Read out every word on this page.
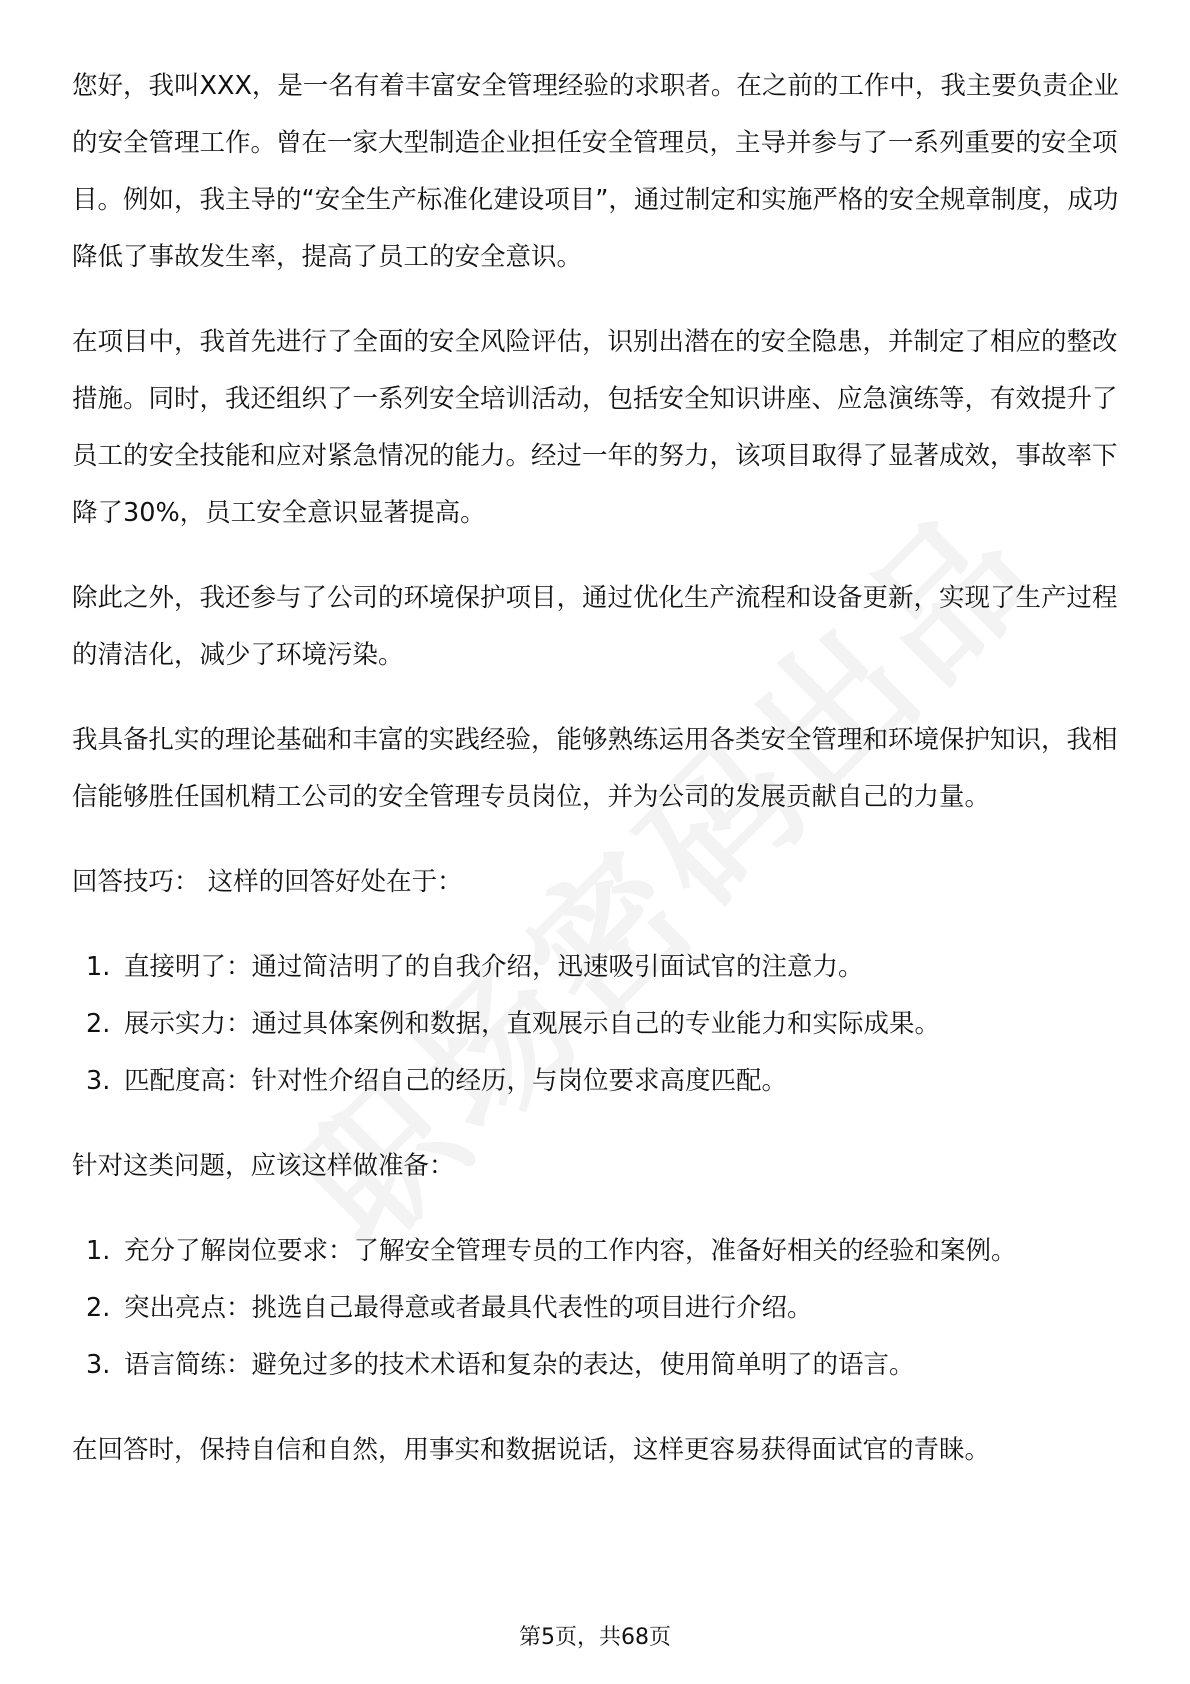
您好，我叫XXX，是一名有着丰富安全管理经验的求职者。在之前的工作中，我主要负责企业的安全管理工作。曾在一家大型制造企业担任安全管理员，主导并参与了一系列重要的安全项目。例如，我主导的“安全生产标准化建设项目”，通过制定和实施严格的安全规章制度，成功降低了事故发生率，提高了员工的安全意识。

在项目中，我首先进行了全面的安全风险评估，识别出潜在的安全隐患，并制定了相应的整改措施。同时，我还组织了一系列安全培训活动，包括安全知识讲座、应急演练等，有效提升了员工的安全技能和应对紧急情况的能力。经过一年的努力，该项目取得了显著成效，事故率下降了30%，员工安全意识显著提高。

除此之外，我还参与了公司的环境保护项目，通过优化生产流程和设备更新，实现了生产过程的清洁化，减少了环境污染。

我具备扎实的理论基础和丰富的实践经验，能够熟练运用各类安全管理和环境保护知识，我相信能够胜任国机精工公司的安全管理专员岗位，并为公司的发展贡献自己的力量。

回答技巧： 这样的回答好处在于：

1. 直接明了：通过简洁明了的自我介绍，迅速吸引面试官的注意力。
2. 展示实力：通过具体案例和数据，直观展示自己的专业能力和实际成果。
3. 匹配度高：针对性介绍自己的经历，与岗位要求高度匹配。

针对这类问题，应该这样做准备：

1. 充分了解岗位要求：了解安全管理专员的工作内容，准备好相关的经验和案例。
2. 突出亮点：挑选自己最得意或者最具代表性的项目进行介绍。
3. 语言简练：避免过多的技术术语和复杂的表达，使用简单明了的语言。

在回答时，保持自信和自然，用事实和数据说话，这样更容易获得面试官的青睐。

第5页，共68页
